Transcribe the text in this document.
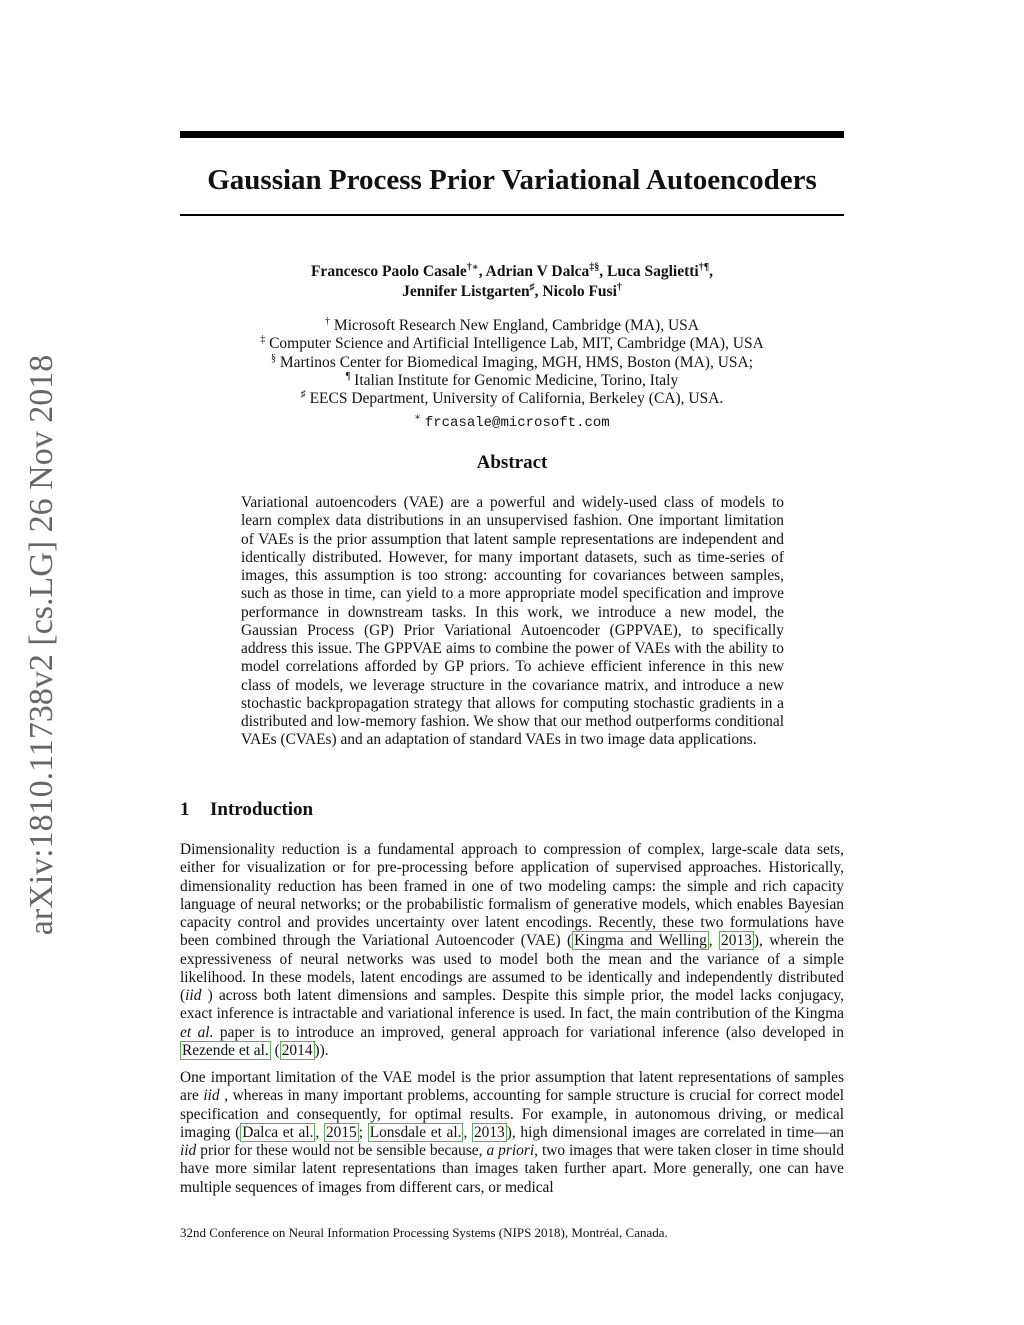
arXiv:1810.11738v2 [cs.LG] 26 Nov 2018
Gaussian Process Prior Variational Autoencoders
Francesco Paolo Casale†∗, Adrian V Dalca‡§, Luca Saglietti†¶,
Jennifer Listgarten♯, Nicolo Fusi†
† Microsoft Research New England, Cambridge (MA), USA
‡ Computer Science and Artificial Intelligence Lab, MIT, Cambridge (MA), USA
§ Martinos Center for Biomedical Imaging, MGH, HMS, Boston (MA), USA;
¶ Italian Institute for Genomic Medicine, Torino, Italy
♯ EECS Department, University of California, Berkeley (CA), USA.
∗ frcasale@microsoft.com
Abstract
Variational autoencoders (VAE) are a powerful and widely-used class of models to learn complex data distributions in an unsupervised fashion. One important limitation of VAEs is the prior assumption that latent sample representations are independent and identically distributed. However, for many important datasets, such as time-series of images, this assumption is too strong: accounting for covariances between samples, such as those in time, can yield to a more appropriate model specification and improve performance in downstream tasks. In this work, we introduce a new model, the Gaussian Process (GP) Prior Variational Autoencoder (GPPVAE), to specifically address this issue. The GPPVAE aims to combine the power of VAEs with the ability to model correlations afforded by GP priors. To achieve efficient inference in this new class of models, we leverage structure in the covariance matrix, and introduce a new stochastic backpropagation strategy that allows for computing stochastic gradients in a distributed and low-memory fashion. We show that our method outperforms conditional VAEs (CVAEs) and an adaptation of standard VAEs in two image data applications.
1 Introduction
Dimensionality reduction is a fundamental approach to compression of complex, large-scale data sets, either for visualization or for pre-processing before application of supervised approaches. Historically, dimensionality reduction has been framed in one of two modeling camps: the simple and rich capacity language of neural networks; or the probabilistic formalism of generative models, which enables Bayesian capacity control and provides uncertainty over latent encodings. Recently, these two formulations have been combined through the Variational Autoencoder (VAE) ( Kingma and Welling , 2013 ), wherein the expressiveness of neural networks was used to model both the mean and the variance of a simple likelihood. In these models, latent encodings are assumed to be identically and independently distributed (iid ) across both latent dimensions and samples. Despite this simple prior, the model lacks conjugacy, exact inference is intractable and variational inference is used. In fact, the main contribution of the Kingma et al. paper is to introduce an improved, general approach for variational inference (also developed in Rezende et al. ( 2014 )).
One important limitation of the VAE model is the prior assumption that latent representations of samples are iid , whereas in many important problems, accounting for sample structure is crucial for correct model specification and consequently, for optimal results. For example, in autonomous driving, or medical imaging ( Dalca et al. , 2015 ; Lonsdale et al. , 2013 ), high dimensional images are correlated in time—an iid prior for these would not be sensible because, a priori, two images that were taken closer in time should have more similar latent representations than images taken further apart. More generally, one can have multiple sequences of images from different cars, or medical
32nd Conference on Neural Information Processing Systems (NIPS 2018), Montréal, Canada.
